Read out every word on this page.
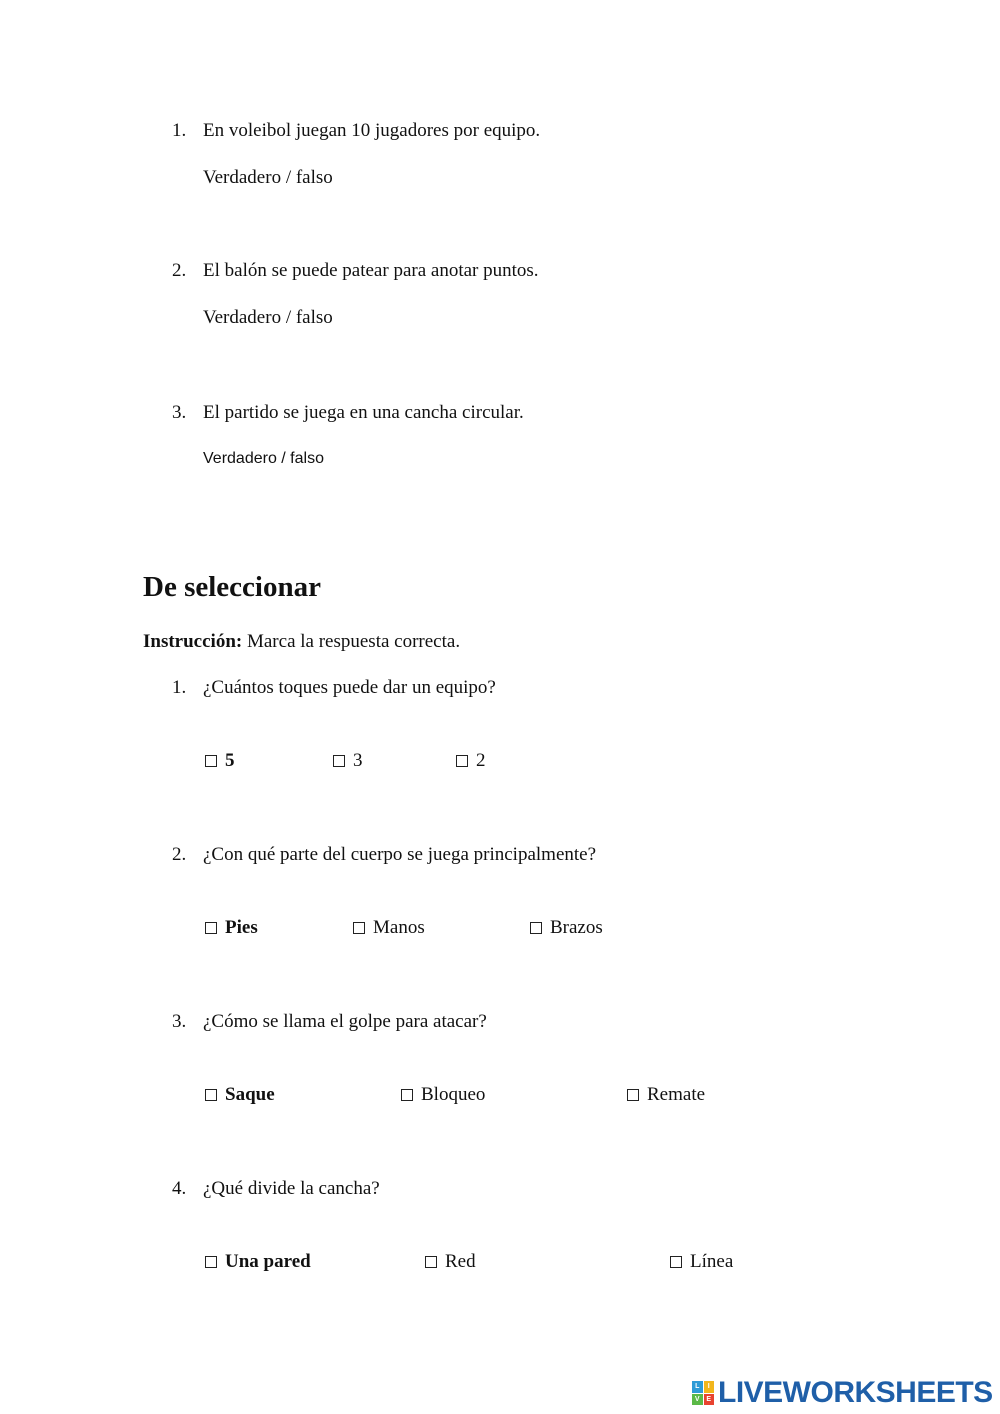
1. En voleibol juegan 10 jugadores por equipo.
Verdadero / falso
2. El balón se puede patear para anotar puntos.
Verdadero / falso
3. El partido se juega en una cancha circular.
Verdadero / falso
De seleccionar
Instrucción: Marca la respuesta correcta.
1. ¿Cuántos toques puede dar un equipo?
5	3	2
2. ¿Con qué parte del cuerpo se juega principalmente?
Pies	Manos	Brazos
3. ¿Cómo se llama el golpe para atacar?
Saque	Bloqueo	Remate
4. ¿Qué divide la cancha?
Una pared	Red	Línea
L	I
V E LIVEWORKSHEETS
